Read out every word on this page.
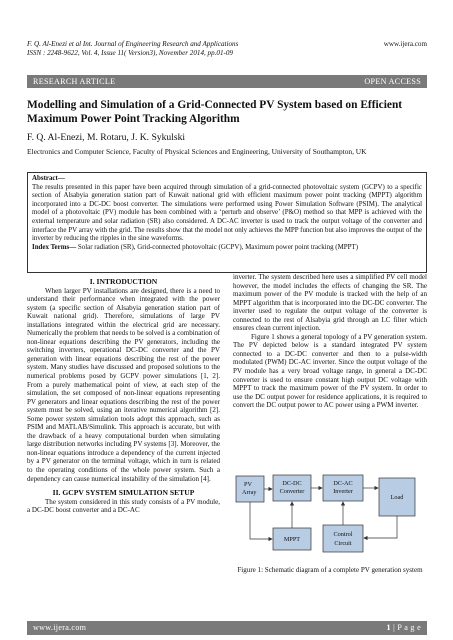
F. Q. Al-Enezi et al Int. Journal of Engineering Research and Applications	www.ijera.com
ISSN : 2248-9622, Vol. 4, Issue 11( Version3), November 2014, pp.01-09
RESEARCH ARTICLE	OPEN ACCESS
Modelling and Simulation of a Grid-Connected PV System based on Efficient Maximum Power Point Tracking Algorithm
F. Q. Al-Enezi, M. Rotaru, J. K. Sykulski
Electronics and Computer Science, Faculty of Physical Sciences and Engineering, University of Southampton, UK
Abstract—
The results presented in this paper have been acquired through simulation of a grid-connected photovoltaic system (GCPV) to a specific section of Alsabyia generation station part of Kuwait national grid with efficient maximum power point tracking (MPPT) algorithm incorporated into a DC-DC boost converter. The simulations were performed using Power Simulation Software (PSIM). The analytical model of a photovoltaic (PV) module has been combined with a ‘perturb and observe’ (P&O) method so that MPP is achieved with the external temperature and solar radiation (SR) also considered. A DC-AC inverter is used to track the output voltage of the converter and interface the PV array with the grid. The results show that the model not only achieves the MPP function but also improves the output of the inverter by reducing the ripples in the sine waveforms.
Index Terms— Solar radiation (SR), Grid-connected photovoltaic (GCPV), Maximum power point tracking (MPPT)
I. INTRODUCTION

When larger PV installations are designed, there is a need to understand their performance when integrated with the power system (a specific section of Alsabyia generation station part of Kuwait national grid). Therefore, simulations of large PV installations integrated within the electrical grid are necessary. Numerically the problem that needs to be solved is a combination of non-linear equations describing the PV generators, including the switching inverters, operational DC-DC converter and the PV generation with linear equations describing the rest of the power system. Many studies have discussed and proposed solutions to the numerical problems posed by GCPV power simulations [1, 2]. From a purely mathematical point of view, at each step of the simulation, the set composed of non-linear equations representing PV generators and linear equations describing the rest of the power system must be solved, using an iterative numerical algorithm [2]. Some power system simulation tools adopt this approach, such as PSIM and MATLAB/Simulink. This approach is accurate, but with the drawback of a heavy computational burden when simulating large distribution networks including PV systems [3]. Moreover, the non-linear equations introduce a dependency of the current injected by a PV generator on the terminal voltage, which in turn is related to the operating conditions of the whole power system. Such a dependency can cause numerical instability of the simulation [4].

II. GCPV SYSTEM SIMULATION SETUP

The system considered in this study consists of a PV module, a DC-DC boost converter and a DC-AC

inverter. The system described here uses a simplified PV cell model however, the model includes the effects of changing the SR. The maximum power of the PV module is tracked with the help of an MPPT algorithm that is incorporated into the DC-DC converter. The inverter used to regulate the output voltage of the converter is connected to the rest of Alsabyia grid through an LC filter which ensures clean current injection.

Figure 1 shows a general topology of a PV generation system. The PV depicted below is a standard integrated PV system connected to a DC-DC converter and then to a pulse-width modulated (PWM) DC-AC inverter. Since the output voltage of the PV module has a very broad voltage range, in general a DC-DC converter is used to ensure constant high output DC voltage with MPPT to track the maximum power of the PV system. In order to use the DC output power for residence applications, it is required to convert the DC output power to AC power using a PWM inverter.

PV
Array
DC-DC
Converter
DC-AC
Inverter
Load
MPPT
Control
Circuit
Figure 1: Schematic diagram of a complete PV generation system
www.ijera.com	1 | P a g e
